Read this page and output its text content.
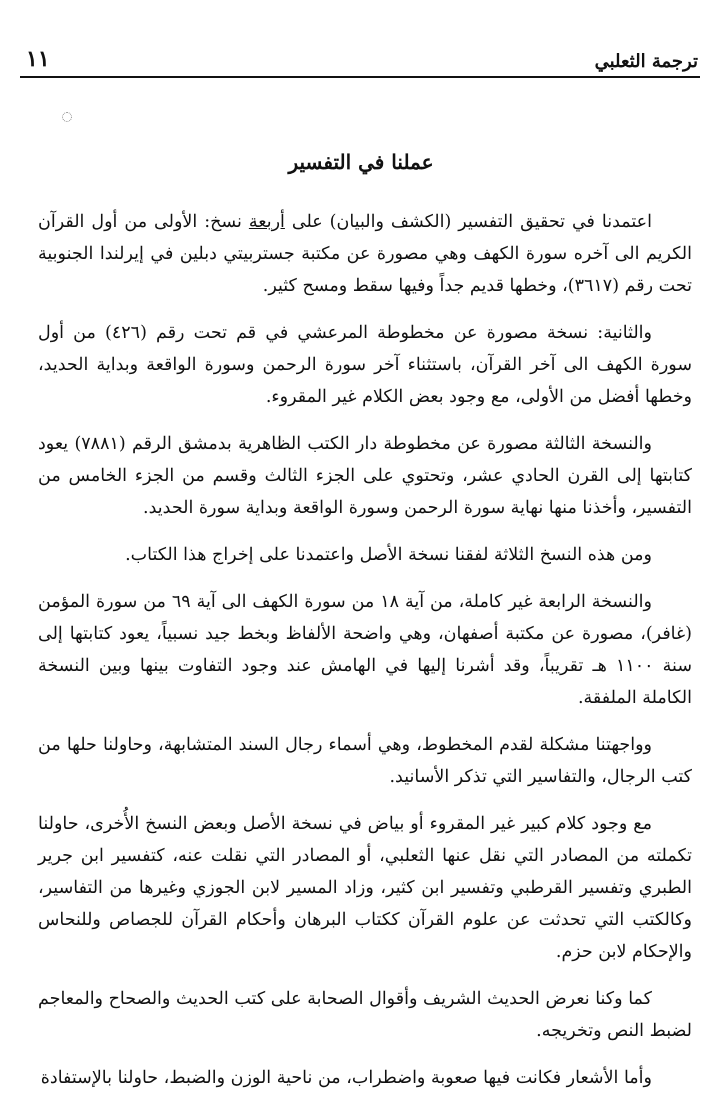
ترجمة الثعلبي
١١
عملنا في التفسير

اعتمدنا في تحقيق التفسير (الكشف والبيان) على أربعة نسخ: الأولى من أول القرآن الكريم الى آخره سورة الكهف وهي مصورة عن مكتبة جستربيتي دبلين في إيرلندا الجنوبية تحت رقم (٣٦١٧)، وخطها قديم جداً وفيها سقط ومسح كثير.

والثانية: نسخة مصورة عن مخطوطة المرعشي في قم تحت رقم (٤٢٦) من أول سورة الكهف الى آخر القرآن، باستثناء آخر سورة الرحمن وسورة الواقعة وبداية الحديد، وخطها أفضل من الأولى، مع وجود بعض الكلام غير المقروء.

والنسخة الثالثة مصورة عن مخطوطة دار الكتب الظاهرية بدمشق الرقم (٧٨٨١) يعود كتابتها إلى القرن الحادي عشر، وتحتوي على الجزء الثالث وقسم من الجزء الخامس من التفسير، وأخذنا منها نهاية سورة الرحمن وسورة الواقعة وبداية سورة الحديد.

ومن هذه النسخ الثلاثة لفقنا نسخة الأصل واعتمدنا على إخراج هذا الكتاب.

والنسخة الرابعة غير كاملة، من آية ١٨ من سورة الكهف الى آية ٦٩ من سورة المؤمن (غافر)، مصورة عن مكتبة أصفهان، وهي واضحة الألفاظ وبخط جيد نسبياً، يعود كتابتها إلى سنة ١١٠٠ هـ تقريباً، وقد أشرنا إليها في الهامش عند وجود التفاوت بينها وبين النسخة الكاملة الملفقة.

وواجهتنا مشكلة لقدم المخطوط، وهي أسماء رجال السند المتشابهة، وحاولنا حلها من كتب الرجال، والتفاسير التي تذكر الأسانيد.

مع وجود كلام كبير غير المقروء أو بياض في نسخة الأصل وبعض النسخ الأُخرى، حاولنا تكملته من المصادر التي نقل عنها الثعلبي، أو المصادر التي نقلت عنه، كتفسير ابن جرير الطبري وتفسير القرطبي وتفسير ابن كثير، وزاد المسير لابن الجوزي وغيرها من التفاسير، وكالكتب التي تحدثت عن علوم القرآن ككتاب البرهان وأحكام القرآن للجصاص وللنحاس والإحكام لابن حزم.

كما وكنا نعرض الحديث الشريف وأقوال الصحابة على كتب الحديث والصحاح والمعاجم لضبط النص وتخريجه.

وأما الأشعار فكانت فيها صعوبة واضطراب، من ناحية الوزن والضبط، حاولنا بالإستفادة
